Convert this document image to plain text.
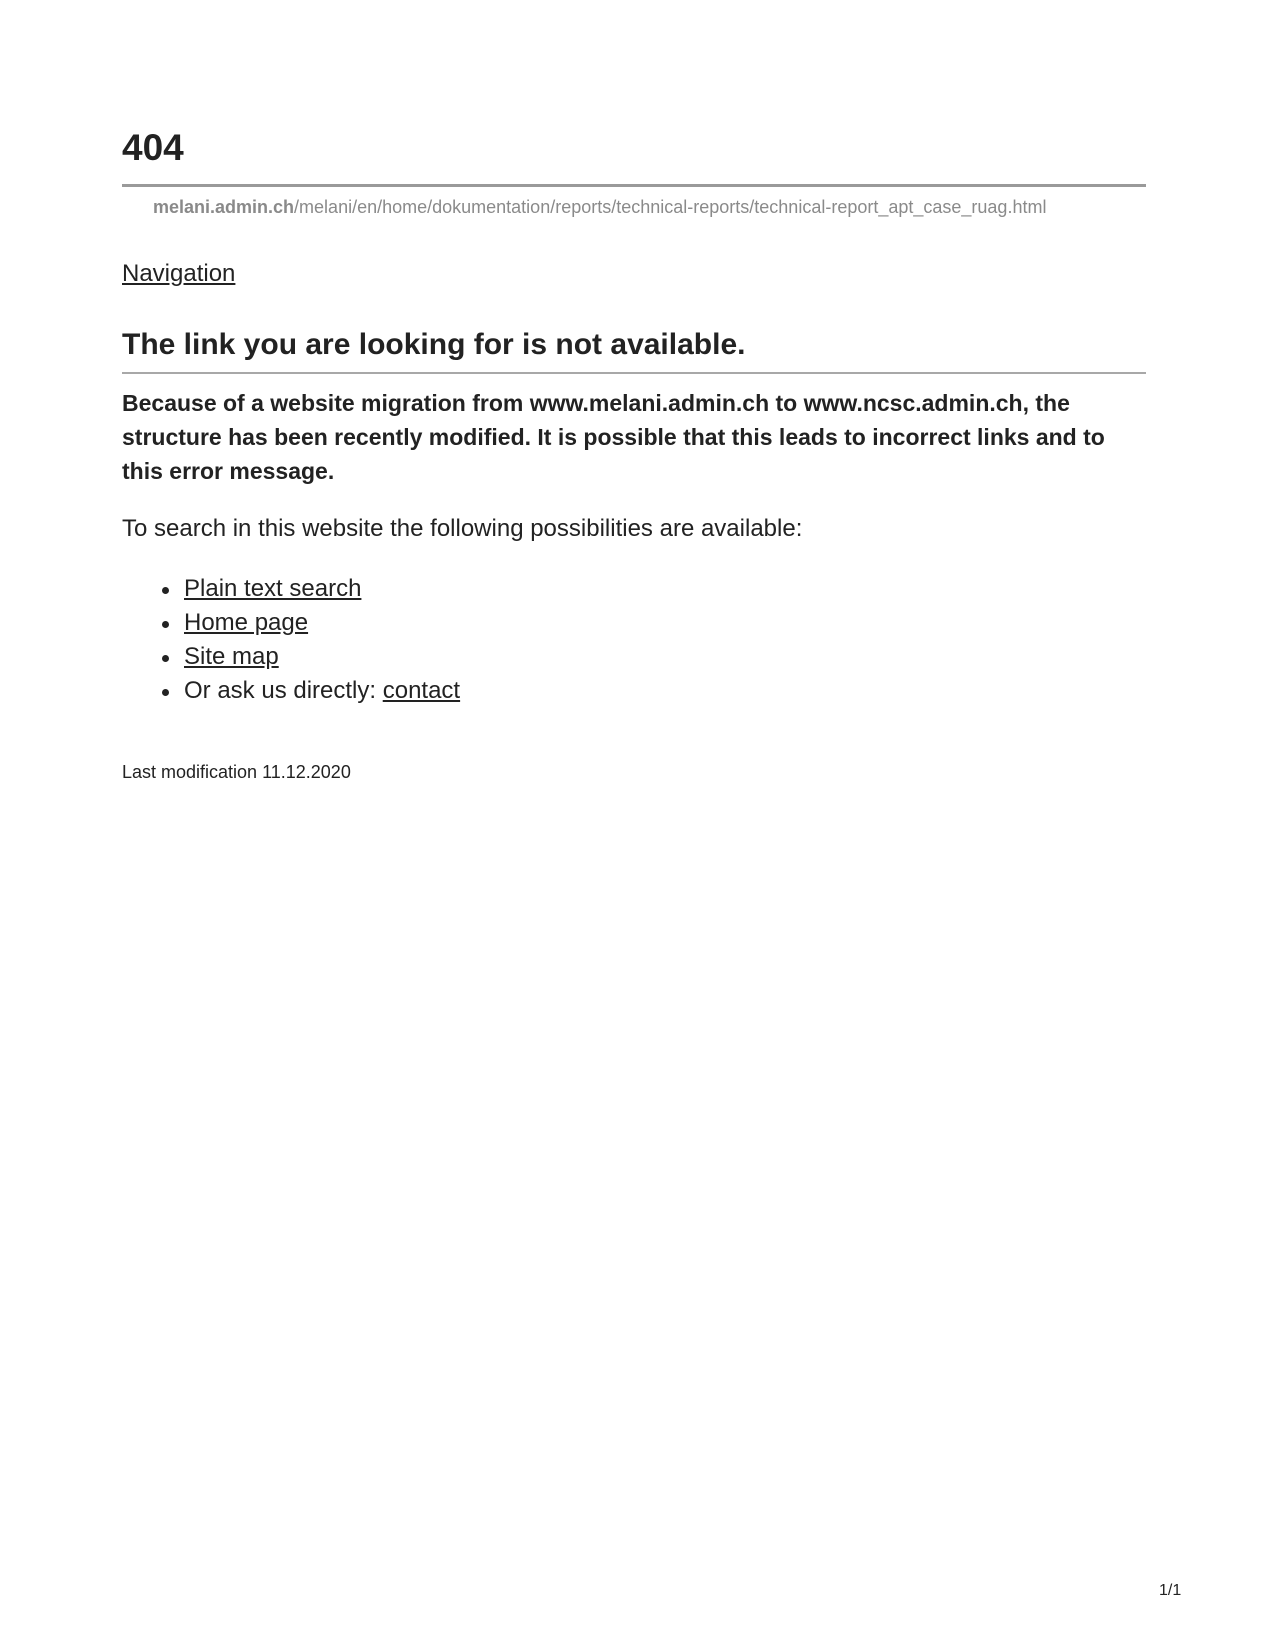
404
melani.admin.ch/melani/en/home/dokumentation/reports/technical-reports/technical-report_apt_case_ruag.html
Navigation
The link you are looking for is not available.

Because of a website migration from www.melani.admin.ch to www.ncsc.admin.ch, the structure has been recently modified. It is possible that this leads to incorrect links and to this error message.

To search in this website the following possibilities are available:

Plain text search
Home page
Site map
Or ask us directly: contact
Last modification 11.12.2020
1/1
